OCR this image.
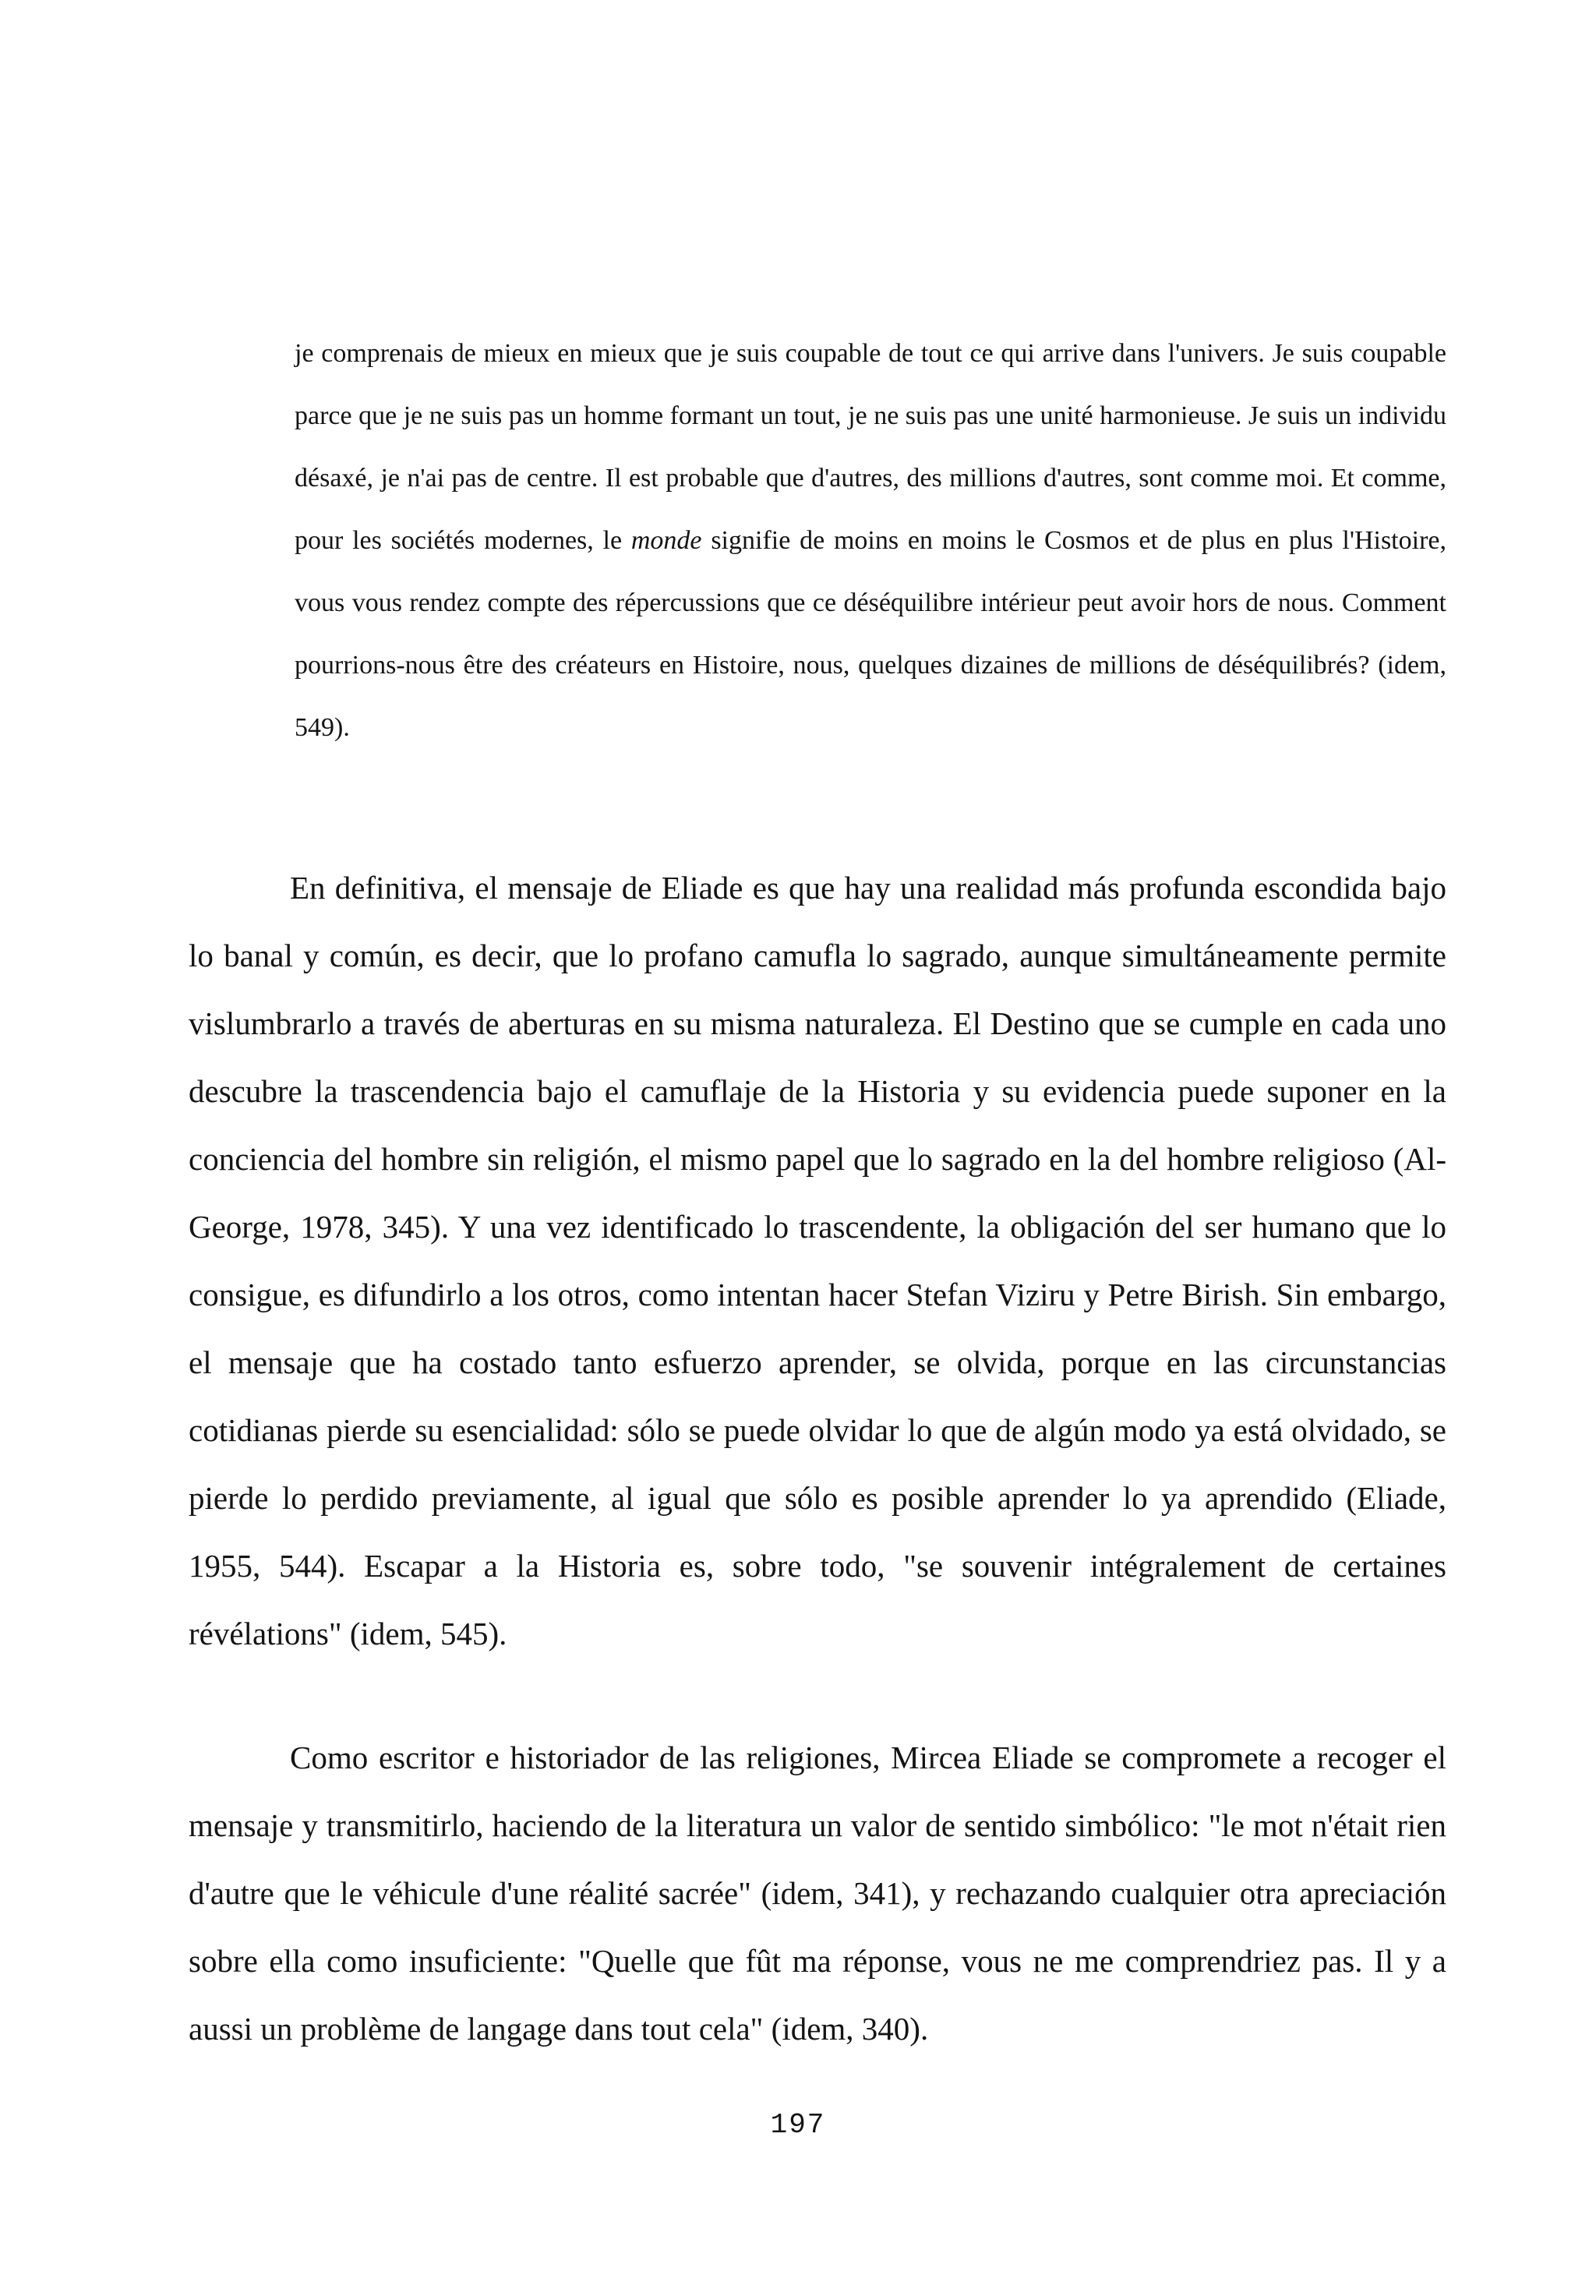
je comprenais de mieux en mieux que je suis coupable de tout ce qui arrive dans l'univers. Je suis coupable parce que je ne suis pas un homme formant un tout, je ne suis pas une unité harmonieuse. Je suis un individu désaxé, je n'ai pas de centre. Il est probable que d'autres, des millions d'autres, sont comme moi. Et comme, pour les sociétés modernes, le monde signifie de moins en moins le Cosmos et de plus en plus l'Histoire, vous vous rendez compte des répercussions que ce déséquilibre intérieur peut avoir hors de nous. Comment pourrions-nous être des créateurs en Histoire, nous, quelques dizaines de millions de déséquilibrés? (idem, 549).

En definitiva, el mensaje de Eliade es que hay una realidad más profunda escondida bajo lo banal y común, es decir, que lo profano camufla lo sagrado, aunque simultáneamente permite vislumbrarlo a través de aberturas en su misma naturaleza. El Destino que se cumple en cada uno descubre la trascendencia bajo el camuflaje de la Historia y su evidencia puede suponer en la conciencia del hombre sin religión, el mismo papel que lo sagrado en la del hombre religioso (Al-George, 1978, 345). Y una vez identificado lo trascendente, la obligación del ser humano que lo consigue, es difundirlo a los otros, como intentan hacer Stefan Viziru y Petre Birish. Sin embargo, el mensaje que ha costado tanto esfuerzo aprender, se olvida, porque en las circunstancias cotidianas pierde su esencialidad: sólo se puede olvidar lo que de algún modo ya está olvidado, se pierde lo perdido previamente, al igual que sólo es posible aprender lo ya aprendido (Eliade, 1955, 544). Escapar a la Historia es, sobre todo, "se souvenir intégralement de certaines révélations" (idem, 545).

Como escritor e historiador de las religiones, Mircea Eliade se compromete a recoger el mensaje y transmitirlo, haciendo de la literatura un valor de sentido simbólico: "le mot n'était rien d'autre que le véhicule d'une réalité sacrée" (idem, 341), y rechazando cualquier otra apreciación sobre ella como insuficiente: "Quelle que fût ma réponse, vous ne me comprendriez pas. Il y a aussi un problème de langage dans tout cela" (idem, 340).

197
